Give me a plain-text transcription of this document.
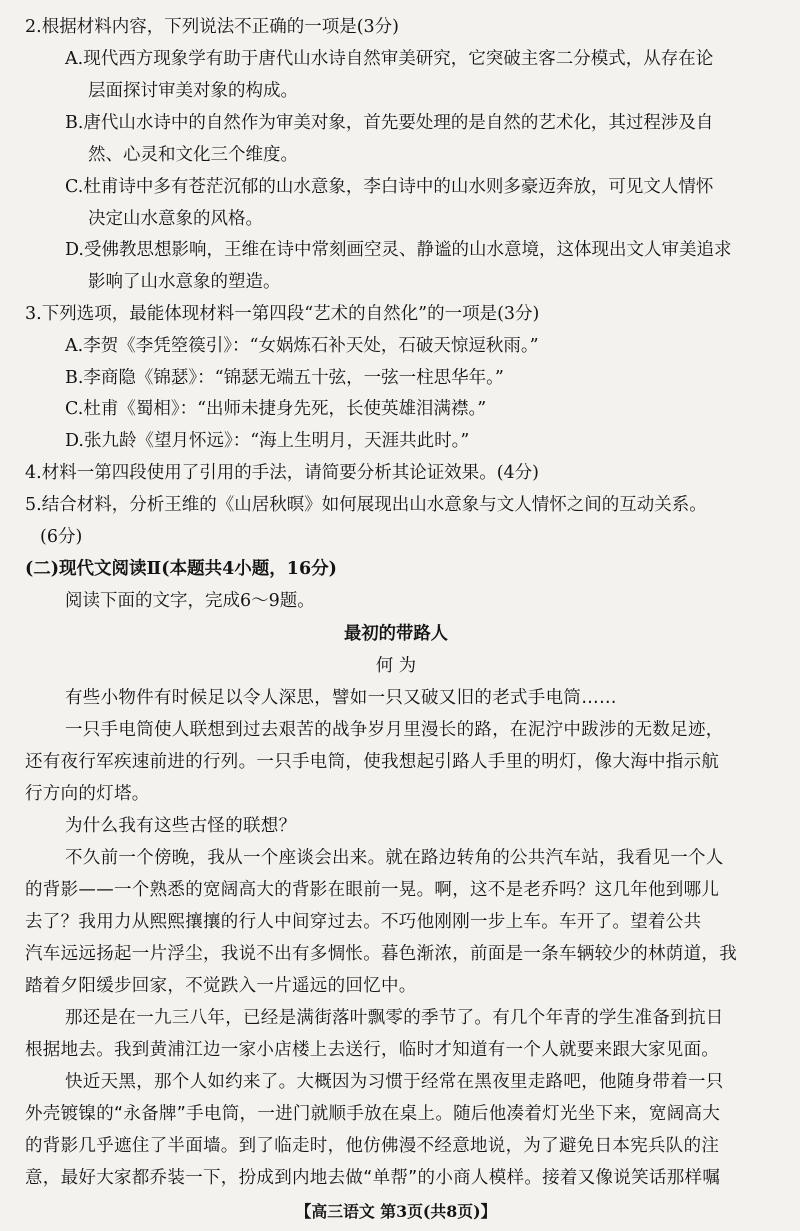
2.根据材料内容，下列说法不正确的一项是(3分)
A.现代西方现象学有助于唐代山水诗自然审美研究，它突破主客二分模式，从存在论
层面探讨审美对象的构成。
B.唐代山水诗中的自然作为审美对象，首先要处理的是自然的艺术化，其过程涉及自
然、心灵和文化三个维度。
C.杜甫诗中多有苍茫沉郁的山水意象，李白诗中的山水则多豪迈奔放，可见文人情怀
决定山水意象的风格。
D.受佛教思想影响，王维在诗中常刻画空灵、静谧的山水意境，这体现出文人审美追求
影响了山水意象的塑造。
3.下列选项，最能体现材料一第四段“艺术的自然化”的一项是(3分)
A.李贺《李凭箜篌引》：“女娲炼石补天处，石破天惊逗秋雨。”
B.李商隐《锦瑟》：“锦瑟无端五十弦，一弦一柱思华年。”
C.杜甫《蜀相》：“出师未捷身先死，长使英雄泪满襟。”
D.张九龄《望月怀远》：“海上生明月，天涯共此时。”
4.材料一第四段使用了引用的手法，请简要分析其论证效果。(4分)
5.结合材料，分析王维的《山居秋暝》如何展现出山水意象与文人情怀之间的互动关系。
(6分)
(二)现代文阅读Ⅱ(本题共4小题，16分)
阅读下面的文字，完成6～9题。
最初的带路人
何 为
有些小物件有时候足以令人深思，譬如一只又破又旧的老式手电筒……
一只手电筒使人联想到过去艰苦的战争岁月里漫长的路，在泥泞中跋涉的无数足迹，
还有夜行军疾速前进的行列。一只手电筒，使我想起引路人手里的明灯，像大海中指示航
行方向的灯塔。
为什么我有这些古怪的联想？
不久前一个傍晚，我从一个座谈会出来。就在路边转角的公共汽车站，我看见一个人
的背影——一个熟悉的宽阔高大的背影在眼前一晃。啊，这不是老乔吗？这几年他到哪儿
去了？我用力从熙熙攘攘的行人中间穿过去。不巧他刚刚一步上车。车开了。望着公共
汽车远远扬起一片浮尘，我说不出有多惆怅。暮色渐浓，前面是一条车辆较少的林荫道，我
踏着夕阳缓步回家，不觉跌入一片遥远的回忆中。
那还是在一九三八年，已经是满街落叶飘零的季节了。有几个年青的学生准备到抗日
根据地去。我到黄浦江边一家小店楼上去送行，临时才知道有一个人就要来跟大家见面。
快近天黑，那个人如约来了。大概因为习惯于经常在黑夜里走路吧，他随身带着一只
外壳镀镍的“永备牌”手电筒，一进门就顺手放在桌上。随后他凑着灯光坐下来，宽阔高大
的背影几乎遮住了半面墙。到了临走时，他仿佛漫不经意地说，为了避免日本宪兵队的注
意，最好大家都乔装一下，扮成到内地去做“单帮”的小商人模样。接着又像说笑话那样嘱
【高三语文 第3页(共8页)】
